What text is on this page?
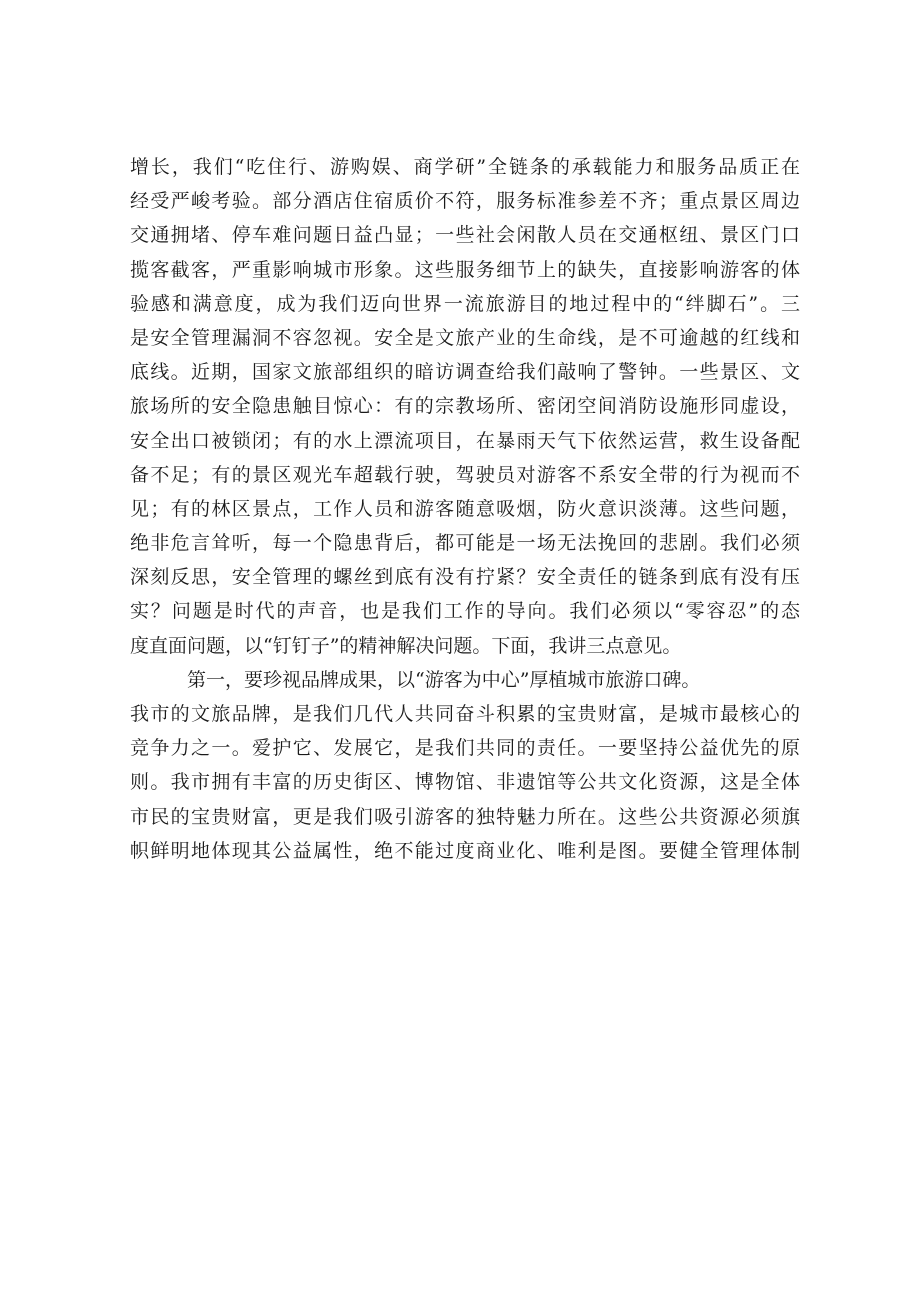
增长，我们“吃住行、游购娱、商学研”全链条的承载能力和服务品质正在
经受严峻考验。部分酒店住宿质价不符，服务标准参差不齐；重点景区周边
交通拥堵、停车难问题日益凸显；一些社会闲散人员在交通枢纽、景区门口
揽客截客，严重影响城市形象。这些服务细节上的缺失，直接影响游客的体
验感和满意度，成为我们迈向世界一流旅游目的地过程中的“绊脚石”。三
是安全管理漏洞不容忽视。安全是文旅产业的生命线，是不可逾越的红线和
底线。近期，国家文旅部组织的暗访调查给我们敲响了警钟。一些景区、文
旅场所的安全隐患触目惊心：有的宗教场所、密闭空间消防设施形同虚设，
安全出口被锁闭；有的水上漂流项目，在暴雨天气下依然运营，救生设备配
备不足；有的景区观光车超载行驶，驾驶员对游客不系安全带的行为视而不
见；有的林区景点，工作人员和游客随意吸烟，防火意识淡薄。这些问题，
绝非危言耸听，每一个隐患背后，都可能是一场无法挽回的悲剧。我们必须
深刻反思，安全管理的螺丝到底有没有拧紧？安全责任的链条到底有没有压
实？问题是时代的声音，也是我们工作的导向。我们必须以“零容忍”的态
度直面问题，以“钉钉子”的精神解决问题。下面，我讲三点意见。
第一，要珍视品牌成果，以“游客为中心”厚植城市旅游口碑。
我市的文旅品牌，是我们几代人共同奋斗积累的宝贵财富，是城市最核心的
竞争力之一。爱护它、发展它，是我们共同的责任。一要坚持公益优先的原
则。我市拥有丰富的历史街区、博物馆、非遗馆等公共文化资源，这是全体
市民的宝贵财富，更是我们吸引游客的独特魅力所在。这些公共资源必须旗
帜鲜明地体现其公益属性，绝不能过度商业化、唯利是图。要健全管理体制
